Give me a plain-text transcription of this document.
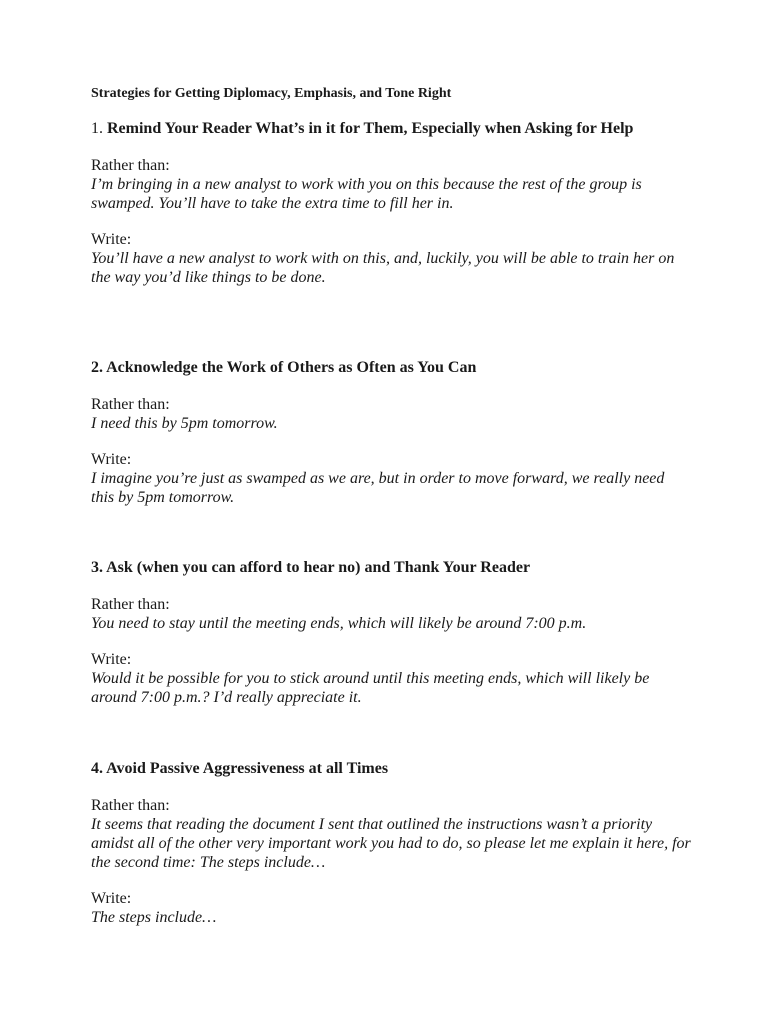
Strategies for Getting Diplomacy, Emphasis, and Tone Right

1. Remind Your Reader What’s in it for Them, Especially when Asking for Help

Rather than:

I’m bringing in a new analyst to work with you on this because the rest of the group is swamped. You’ll have to take the extra time to fill her in.

Write:

You’ll have a new analyst to work with on this, and, luckily, you will be able to train her on the way you’d like things to be done.

2. Acknowledge the Work of Others as Often as You Can

Rather than:

I need this by 5pm tomorrow.

Write:

I imagine you’re just as swamped as we are, but in order to move forward, we really need this by 5pm tomorrow.

3. Ask (when you can afford to hear no) and Thank Your Reader

Rather than:

You need to stay until the meeting ends, which will likely be around 7:00 p.m.

Write:

Would it be possible for you to stick around until this meeting ends, which will likely be around 7:00 p.m.? I’d really appreciate it.

4. Avoid Passive Aggressiveness at all Times

Rather than:

It seems that reading the document I sent that outlined the instructions wasn’t a priority amidst all of the other very important work you had to do, so please let me explain it here, for the second time: The steps include…

Write:

The steps include…
